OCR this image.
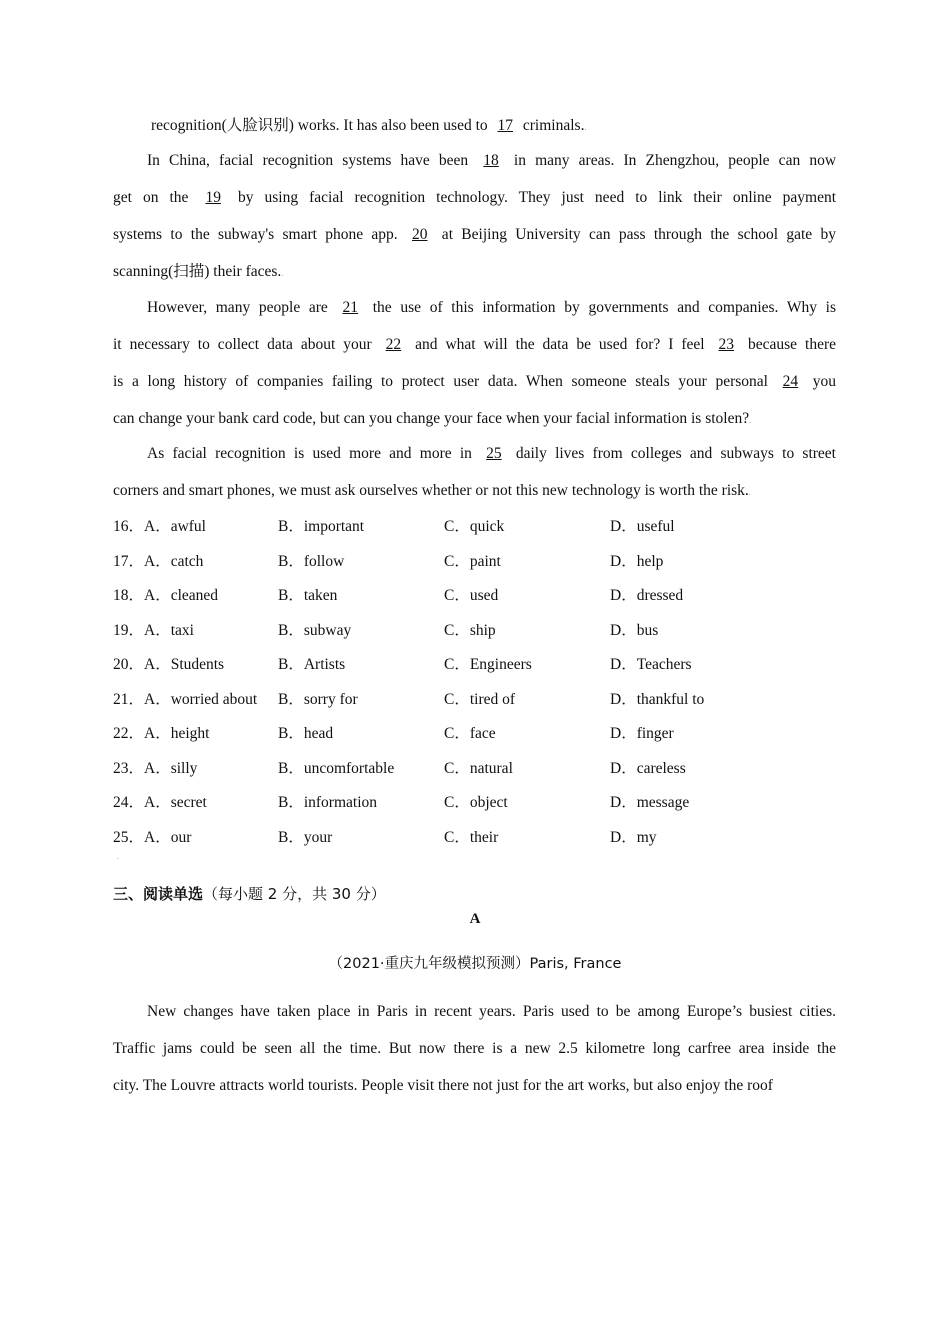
recognition(人脸识别) works. It has also been used to 17 criminals..
In China, facial recognition systems have been 18 in many areas. In Zhengzhou, people can now
get on the 19 by using facial recognition technology. They just need to link their online payment
systems to the subway's smart phone app. 20 at Beijing University can pass through the school gate by
scanning(扫描) their faces..
However, many people are 21 the use of this information by governments and companies. Why is
it necessary to collect data about your 22 and what will the data be used for? I feel 23 because there
is a long history of companies failing to protect user data. When someone steals your personal 24 you
can change your bank card code, but can you change your face when your facial information is stolen?.
As facial recognition is used more and more in 25 daily lives from colleges and subways to street
corners and smart phones, we must ask ourselves whether or not this new technology is worth the risk..
16．A．awful	B．important	C．quick	D．useful
17．A．catch	B．follow	C．paint	D．help
18．A．cleaned	B．taken	C．used	D．dressed
19．A．taxi	B．subway	C．ship	D．bus
20．A．Students	B．Artists	C．Engineers	D．Teachers
21．A．worried about B．sorry for	C．tired of	D．thankful to
22．A．height	B．head	C．face	D．finger
23．A．silly	B．uncomfortable	C．natural	D．careless
24．A．secret	B．information	C．object	D．message
25．A．our	B．your	C．their	D．my
.
三、阅读单选（每小题 2 分，共 30 分）
A
（2021·重庆九年级模拟预测）Paris, France
New changes have taken place in Paris in recent years. Paris used to be among Europe’s busiest cities.
Traffic jams could be seen all the time. But now there is a new 2.5 kilometre long carfree area inside the
city. The Louvre attracts world tourists. People visit there not just for the art works, but also enjoy the roof
